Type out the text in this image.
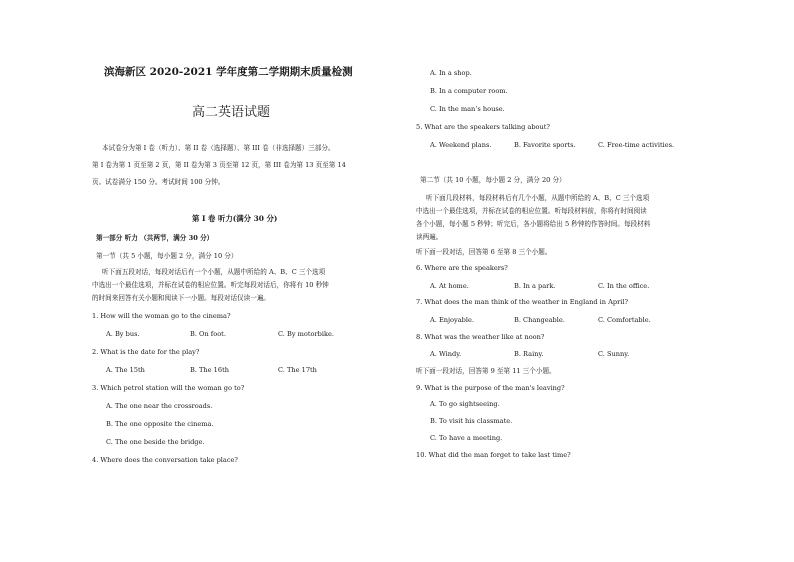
滨海新区 2020-2021 学年度第二学期期末质量检测
高二英语试题
本试卷分为第 I 卷（听力）、第 II 卷（选择题）、第 III 卷（非选择题）三部分。
第 I 卷为第 1 页至第 2 页，第 II 卷为第 3 页至第 12 页，第 III 卷为第 13 页至第 14
页。试卷满分 150 分。考试时间 100 分钟。
第 I 卷 听力(满分 30 分)
第一部分 听力 （共两节，满分 30 分）
第一节（共 5 小题，每小题 2 分，满分 10 分）
听下面五段对话，每段对话后有一个小题，从题中所给的 A、B、C 三个选项
中选出一个最佳选项，并标在试卷的相应位置。听完每段对话后，你将有 10 秒钟
的时间来回答有关小题和阅读下一小题。每段对话仅读一遍。
1. How will the woman go to the cinema?
A. By bus.	B. On foot.	C. By motorbike.
2. What is the date for the play?
A. The 15th	B. The 16th	C. The 17th
3. Which petrol station will the woman go to?
A. The one near the crossroads.
B. The one opposite the cinema.
C. The one beside the bridge.
4. Where does the conversation take place?
A. In a shop.
B. In a computer room.
C. In the man’s house.
5. What are the speakers talking about?
A. Weekend plans.	B. Favorite sports.	C. Free-time activities.
第二节（共 10 小题，每小题 2 分，满分 20 分）
听下面几段材料，每段材料后有几个小题，从题中所给的 A、B、C 三个选项
中选出一个最佳选项，并标在试卷的相应位置。听每段材料前，你将有时间阅读
各个小题，每小题 5 秒钟；听完后，各小题将给出 5 秒钟的作答时间。每段材料
读两遍。
听下面一段对话，回答第 6 至第 8 三个小题。
6. Where are the speakers?
A. At home.	B. In a park.	C. In the office.
7. What does the man think of the weather in England in April?
A. Enjoyable.	B. Changeable.	C. Comfortable.
8. What was the weather like at noon?
A. Windy.	B. Rainy.	C. Sunny.
听下面一段对话，回答第 9 至第 11 三个小题。
9. What is the purpose of the man's leaving?
A. To go sightseeing.
B. To visit his classmate.
C. To have a meeting.
10. What did the man forget to take last time?
